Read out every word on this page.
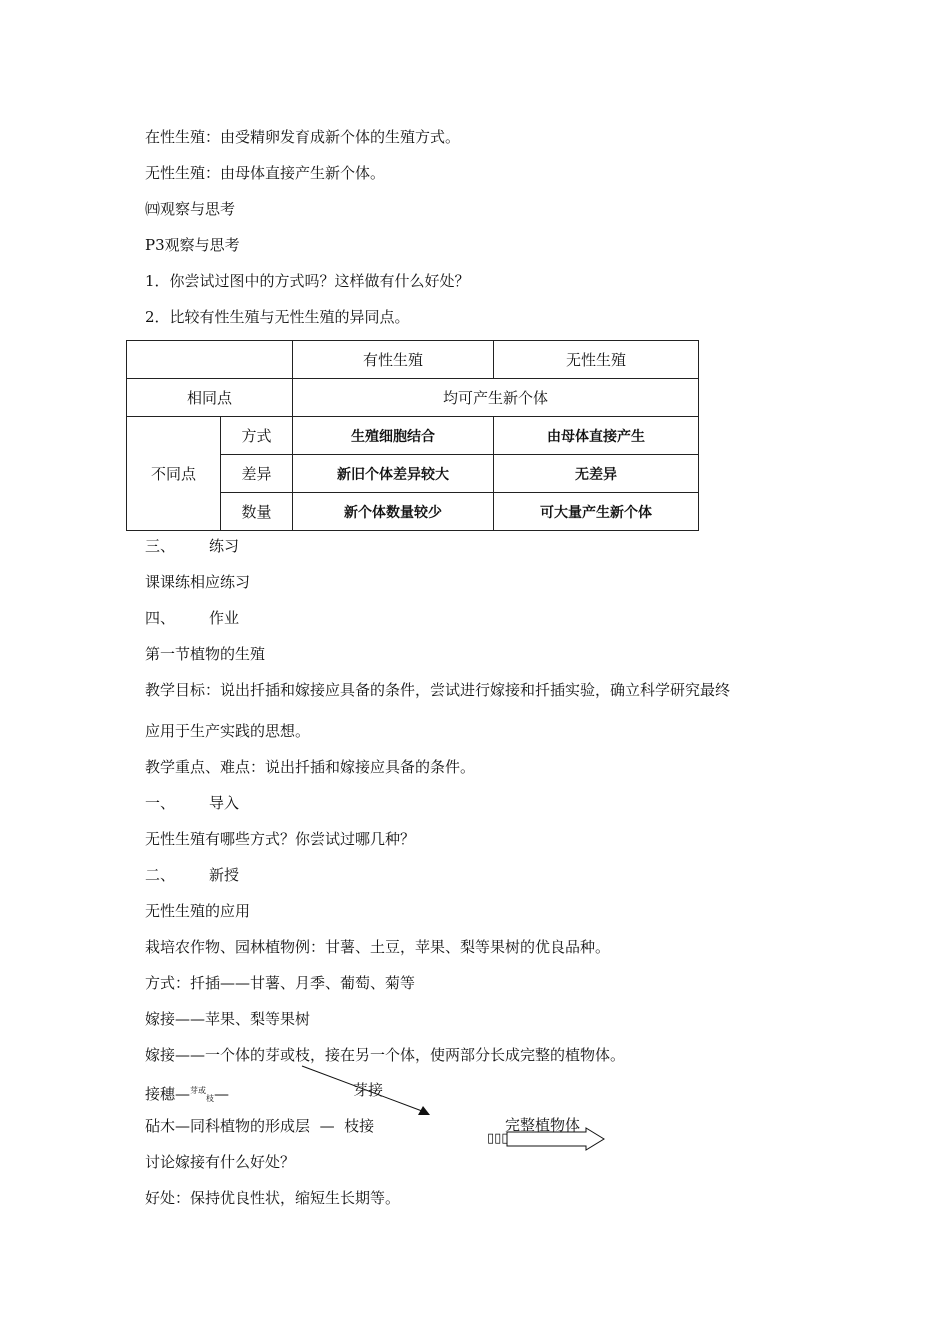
在性生殖：由受精卵发育成新个体的生殖方式。
无性生殖：由母体直接产生新个体。
㈣观察与思考
P3观察与思考
1．你尝试过图中的方式吗？这样做有什么好处？
2．比较有性生殖与无性生殖的异同点。
		有性生殖	无性生殖
相同点		均可产生新个体	
不同点	方式	生殖细胞结合	由母体直接产生
	差异	新旧个体差异较大	无差异
	数量	新个体数量较少	可大量产生新个体
三、 练习
课课练相应练习
四、 作业
第一节植物的生殖
教学目标：说出扦插和嫁接应具备的条件，尝试进行嫁接和扦插实验，确立科学研究最终
应用于生产实践的思想。
教学重点、难点：说出扦插和嫁接应具备的条件。
一、 导入
无性生殖有哪些方式？你尝试过哪几种？
二、 新授
无性生殖的应用
栽培农作物、园林植物例：甘薯、土豆，苹果、梨等果树的优良品种。
方式：扦插——甘薯、月季、葡萄、菊等
嫁接——苹果、梨等果树
嫁接——一个体的芽或枝，接在另一个体，使两部分长成完整的植物体。
接穗—$^{芽或}$枝—	芽接
砧木—同科植物的形成层 — 枝接	完整植物体
▯▯▯
讨论嫁接有什么好处？
好处：保持优良性状，缩短生长期等。
